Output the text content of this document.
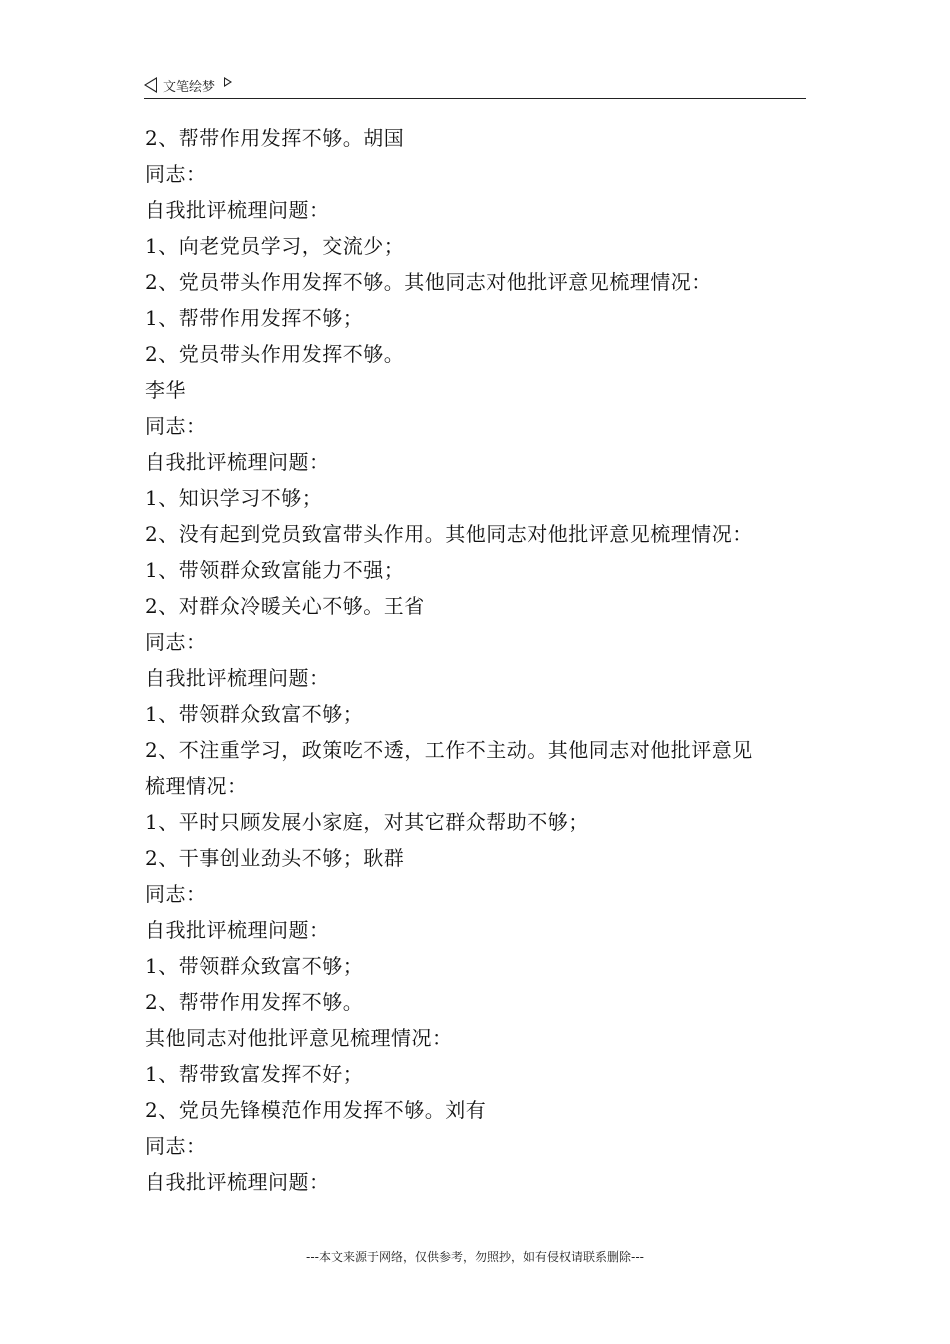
文笔绘梦
2、帮带作用发挥不够。胡国
同志：
自我批评梳理问题：
1、向老党员学习，交流少；
2、党员带头作用发挥不够。其他同志对他批评意见梳理情况：
1、帮带作用发挥不够；
2、党员带头作用发挥不够。
李华
同志：
自我批评梳理问题：
1、知识学习不够；
2、没有起到党员致富带头作用。其他同志对他批评意见梳理情况：
1、带领群众致富能力不强；
2、对群众冷暖关心不够。王省
同志：
自我批评梳理问题：
1、带领群众致富不够；
2、不注重学习，政策吃不透，工作不主动。其他同志对他批评意见
梳理情况：
1、平时只顾发展小家庭，对其它群众帮助不够；
2、干事创业劲头不够；耿群
同志：
自我批评梳理问题：
1、带领群众致富不够；
2、帮带作用发挥不够。
其他同志对他批评意见梳理情况：
1、帮带致富发挥不好；
2、党员先锋模范作用发挥不够。刘有
同志：
自我批评梳理问题：
---本文来源于网络，仅供参考，勿照抄，如有侵权请联系删除---
